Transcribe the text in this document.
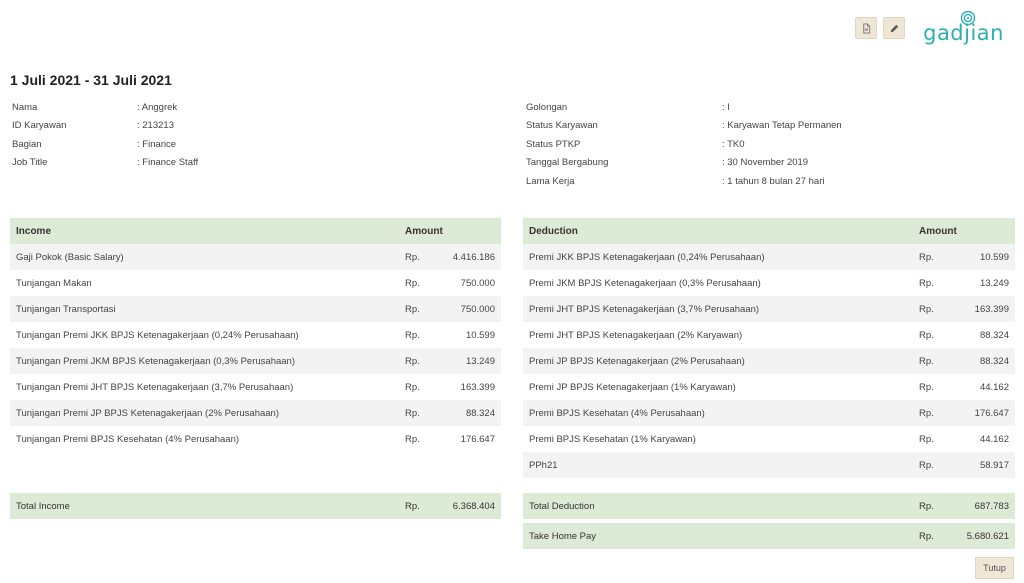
gadjian
1 Juli 2021 - 31 Juli 2021
Nama	: Anggrek
ID Karyawan	: 213213
Bagian	: Finance
Job Title	: Finance Staff
Golongan	: I
Status Karyawan	: Karyawan Tetap Permanen
Status PTKP	: TK0
Tanggal Bergabung	: 30 November 2019
Lama Kerja	: 1 tahun 8 bulan 27 hari
Income	Amount
Gaji Pokok (Basic Salary)	Rp.	4.416.186
Tunjangan Makan	Rp.	750.000
Tunjangan Transportasi	Rp.	750.000
Tunjangan Premi JKK BPJS Ketenagakerjaan (0,24% Perusahaan)	Rp.	10.599
Tunjangan Premi JKM BPJS Ketenagakerjaan (0,3% Perusahaan)	Rp.	13.249
Tunjangan Premi JHT BPJS Ketenagakerjaan (3,7% Perusahaan)	Rp.	163.399
Tunjangan Premi JP BPJS Ketenagakerjaan (2% Perusahaan)	Rp.	88.324
Tunjangan Premi BPJS Kesehatan (4% Perusahaan)	Rp.	176.647
Deduction	Amount
Premi JKK BPJS Ketenagakerjaan (0,24% Perusahaan)	Rp.	10.599
Premi JKM BPJS Ketenagakerjaan (0,3% Perusahaan)	Rp.	13.249
Premi JHT BPJS Ketenagakerjaan (3,7% Perusahaan)	Rp.	163.399
Premi JHT BPJS Ketenagakerjaan (2% Karyawan)	Rp.	88.324
Premi JP BPJS Ketenagakerjaan (2% Perusahaan)	Rp.	88.324
Premi JP BPJS Ketenagakerjaan (1% Karyawan)	Rp.	44.162
Premi BPJS Kesehatan (4% Perusahaan)	Rp.	176.647
Premi BPJS Kesehatan (1% Karyawan)	Rp.	44.162
PPh21	Rp.	58.917
Total Income	Rp.	6.368.404	Total Deduction	Rp.	687.783
Take Home Pay	Rp.	5.680.621
Tutup
